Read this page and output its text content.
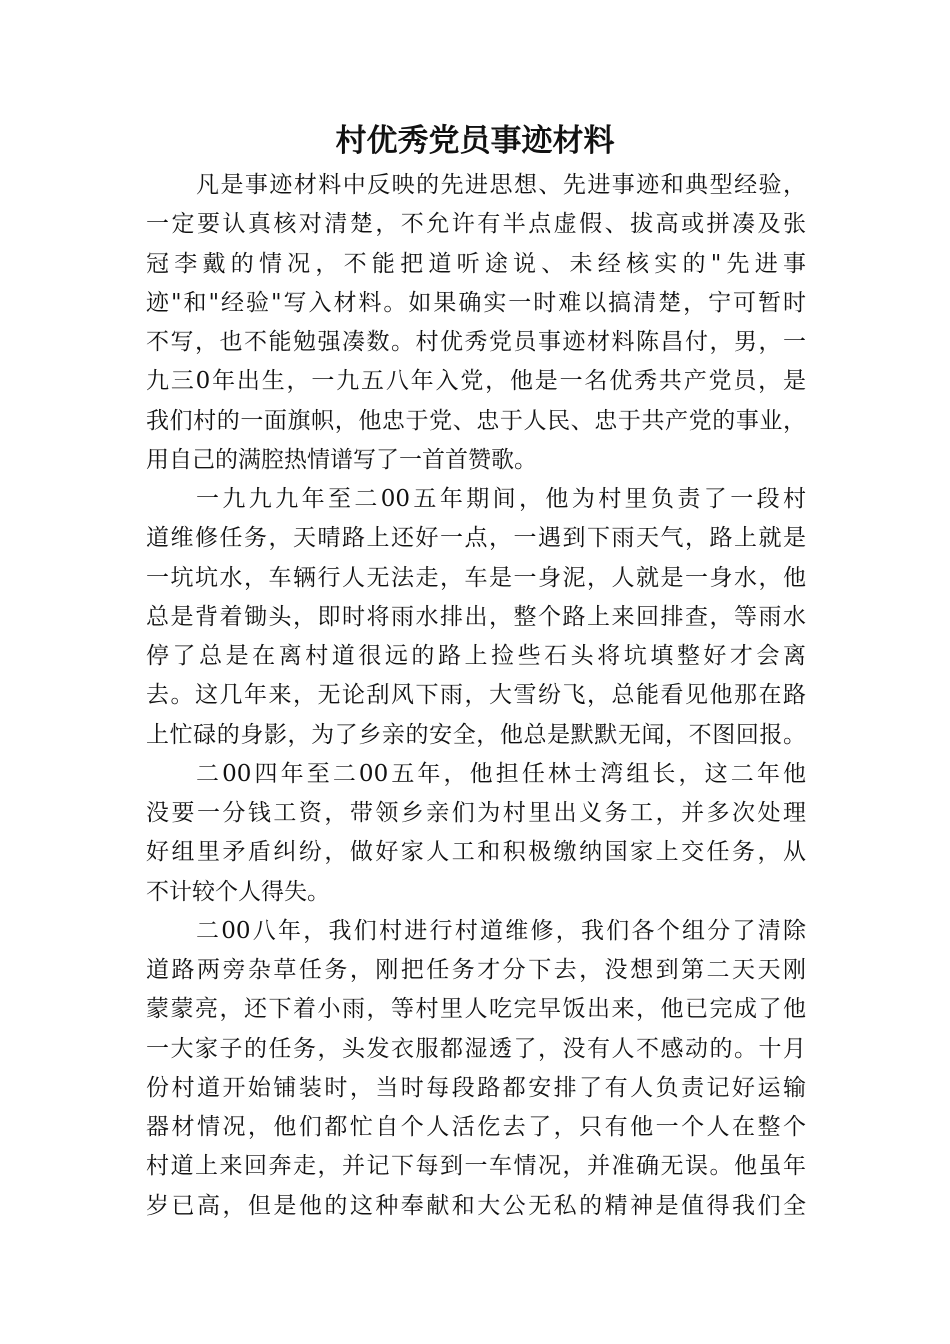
村优秀党员事迹材料
凡是事迹材料中反映的先进思想、先进事迹和典型经验，
一定要认真核对清楚，不允许有半点虚假、拔高或拼凑及张
冠李戴的情况，不能把道听途说、未经核实的"先进事
迹"和"经验"写入材料。如果确实一时难以搞清楚，宁可暂时
不写，也不能勉强凑数。村优秀党员事迹材料陈昌付，男，一
九三0年出生，一九五八年入党，他是一名优秀共产党员，是
我们村的一面旗帜，他忠于党、忠于人民、忠于共产党的事业，
用自己的满腔热情谱写了一首首赞歌。
一九九九年至二00五年期间，他为村里负责了一段村
道维修任务，天晴路上还好一点，一遇到下雨天气，路上就是
一坑坑水，车辆行人无法走，车是一身泥，人就是一身水，他
总是背着锄头，即时将雨水排出，整个路上来回排查，等雨水
停了总是在离村道很远的路上捡些石头将坑填整好才会离
去。这几年来，无论刮风下雨，大雪纷飞，总能看见他那在路
上忙碌的身影，为了乡亲的安全，他总是默默无闻，不图回报。
二00四年至二00五年，他担任林士湾组长，这二年他
没要一分钱工资，带领乡亲们为村里出义务工，并多次处理
好组里矛盾纠纷，做好家人工和积极缴纳国家上交任务，从
不计较个人得失。
二00八年，我们村进行村道维修，我们各个组分了清除
道路两旁杂草任务，刚把任务才分下去，没想到第二天天刚
蒙蒙亮，还下着小雨，等村里人吃完早饭出来，他已完成了他
一大家子的任务，头发衣服都湿透了，没有人不感动的。十月
份村道开始铺装时，当时每段路都安排了有人负责记好运输
器材情况，他们都忙自个人活仡去了，只有他一个人在整个
村道上来回奔走，并记下每到一车情况，并准确无误。他虽年
岁已高，但是他的这种奉献和大公无私的精神是值得我们全
